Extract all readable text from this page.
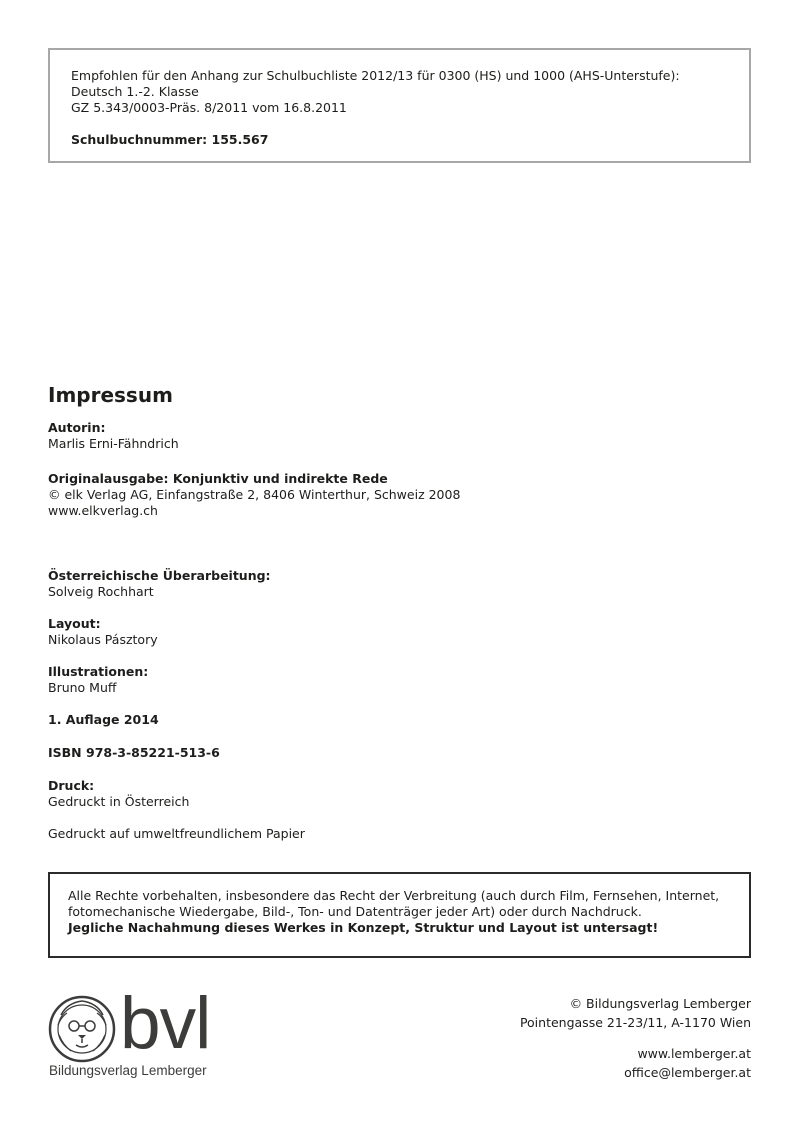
Empfohlen für den Anhang zur Schulbuchliste 2012/13 für 0300 (HS) und 1000 (AHS-Unterstufe):
Deutsch 1.-2. Klasse
GZ 5.343/0003-Präs. 8/2011 vom 16.8.2011
Schulbuchnummer: 155.567
Impressum
Autorin:
Marlis Erni-Fähndrich
Originalausgabe: Konjunktiv und indirekte Rede
© elk Verlag AG, Einfangstraße 2, 8406 Winterthur, Schweiz 2008
www.elkverlag.ch
Österreichische Überarbeitung:
Solveig Rochhart
Layout:
Nikolaus Pásztory
Illustrationen:
Bruno Muff
1. Auflage 2014
ISBN 978-3-85221-513-6
Druck:
Gedruckt in Österreich
Gedruckt auf umweltfreundlichem Papier
Alle Rechte vorbehalten, insbesondere das Recht der Verbreitung (auch durch Film, Fernsehen, Internet,
fotomechanische Wiedergabe, Bild-, Ton- und Datenträger jeder Art) oder durch Nachdruck.
Jegliche Nachahmung dieses Werkes in Konzept, Struktur und Layout ist untersagt!
bvl
Bildungsverlag Lemberger
© Bildungsverlag Lemberger
Pointengasse 21-23/11, A-1170 Wien
www.lemberger.at
office@lemberger.at
